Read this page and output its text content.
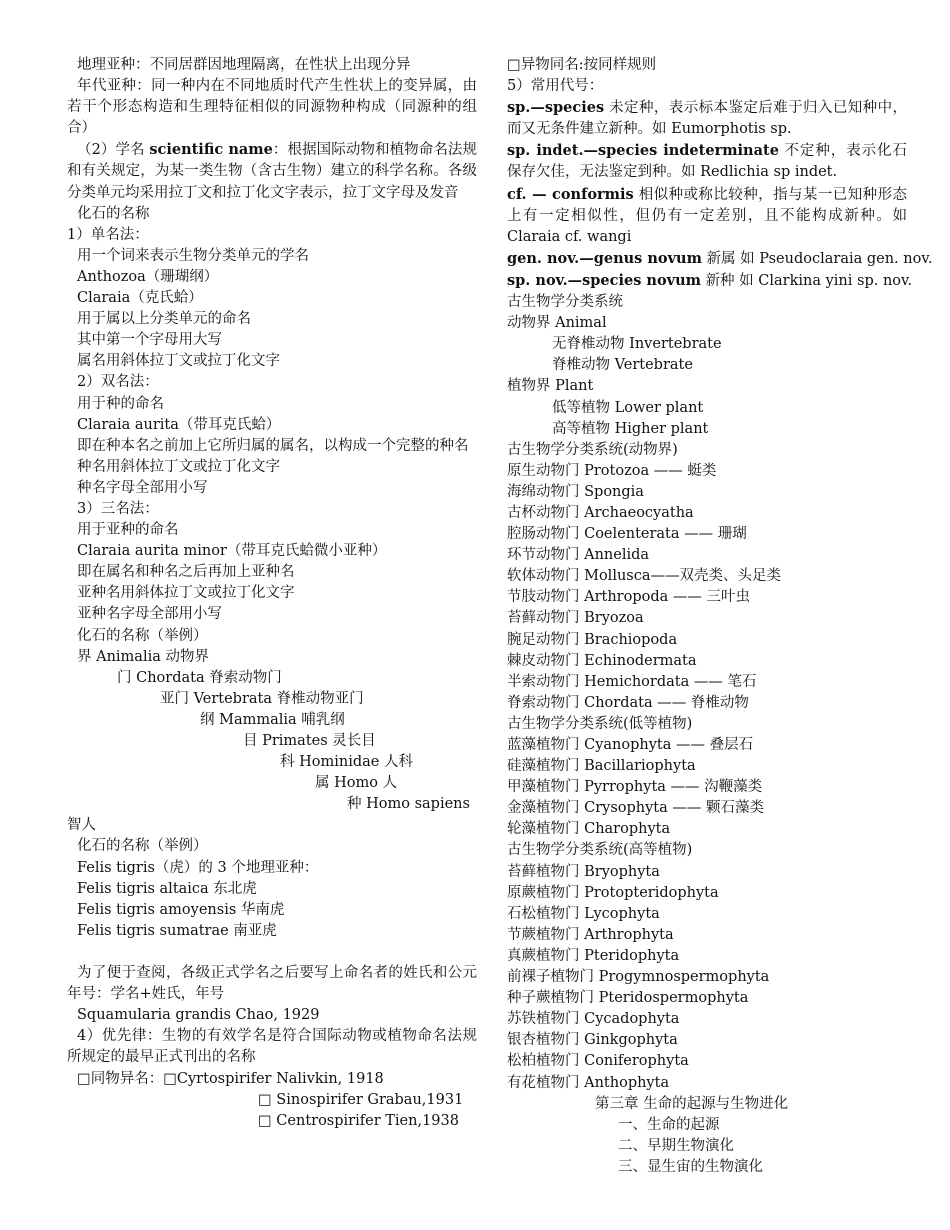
地理亚种：不同居群因地理隔离，在性状上出现分异
年代亚种：同一种内在不同地质时代产生性状上的变异属，由若干个形态构造和生理特征相似的同源物种构成（同源种的组合）
（2）学名 scientific name：根据国际动物和植物命名法规和有关规定，为某一类生物（含古生物）建立的科学名称。各级分类单元均采用拉丁文和拉丁化文字表示，拉丁文字母及发音
化石的名称
1）单名法：
用一个词来表示生物分类单元的学名
Anthozoa（珊瑚纲）
Claraia（克氏蛤）
用于属以上分类单元的命名
其中第一个字母用大写
属名用斜体拉丁文或拉丁化文字
2）双名法：
用于种的命名
Claraia aurita（带耳克氏蛤）
即在种本名之前加上它所归属的属名，以构成一个完整的种名
种名用斜体拉丁文或拉丁化文字
种名字母全部用小写
3）三名法：
用于亚种的命名
Claraia aurita minor（带耳克氏蛤微小亚种）
即在属名和种名之后再加上亚种名
亚种名用斜体拉丁文或拉丁化文字
亚种名字母全部用小写
化石的名称（举例）
界 Animalia 动物界
门 Chordata 脊索动物门
亚门 Vertebrata 脊椎动物亚门
纲 Mammalia 哺乳纲
目 Primates 灵长目
科 Hominidae 人科
属 Homo 人
种 Homo sapiens
智人
化石的名称（举例）
Felis tigris（虎）的 3 个地理亚种：
Felis tigris altaica 东北虎
Felis tigris amoyensis 华南虎
Felis tigris sumatrae 南亚虎
为了便于查阅，各级正式学名之后要写上命名者的姓氏和公元年号：学名+姓氏，年号
Squamularia grandis Chao, 1929
4）优先律：生物的有效学名是符合国际动物或植物命名法规所规定的最早正式刊出的名称
□同物异名：□Cyrtospirifer Nalivkin, 1918
□ Sinospirifer Grabau,1931
□ Centrospirifer Tien,1938
□异物同名:按同样规则
5）常用代号：
sp.—species 未定种，表示标本鉴定后难于归入已知种中，而又无条件建立新种。如 Eumorphotis sp.
sp. indet.—species indeterminate 不定种，表示化石保存欠佳，无法鉴定到种。如 Redlichia sp indet.
cf. — conformis 相似种或称比较种，指与某一已知种形态上有一定相似性，但仍有一定差别，且不能构成新种。如 Claraia cf. wangi
gen. nov.—genus novum 新属 如 Pseudoclaraia gen. nov.
sp. nov.—species novum 新种 如 Clarkina yini sp. nov.
古生物学分类系统
动物界 Animal
无脊椎动物 Invertebrate
脊椎动物 Vertebrate
植物界 Plant
低等植物 Lower plant
高等植物 Higher plant
古生物学分类系统(动物界)
原生动物门 Protozoa —— 蜓类
海绵动物门 Spongia
古杯动物门 Archaeocyatha
腔肠动物门 Coelenterata —— 珊瑚
环节动物门 Annelida
软体动物门 Mollusca——双壳类、头足类
节肢动物门 Arthropoda —— 三叶虫
苔藓动物门 Bryozoa
腕足动物门 Brachiopoda
棘皮动物门 Echinodermata
半索动物门 Hemichordata —— 笔石
脊索动物门 Chordata —— 脊椎动物
古生物学分类系统(低等植物)
蓝藻植物门 Cyanophyta —— 叠层石
硅藻植物门 Bacillariophyta
甲藻植物门 Pyrrophyta —— 沟鞭藻类
金藻植物门 Crysophyta —— 颗石藻类
轮藻植物门 Charophyta
古生物学分类系统(高等植物)
苔藓植物门 Bryophyta
原蕨植物门 Protopteridophyta
石松植物门 Lycophyta
节蕨植物门 Arthrophyta
真蕨植物门 Pteridophyta
前裸子植物门 Progymnospermophyta
种子蕨植物门 Pteridospermophyta
苏铁植物门 Cycadophyta
银杏植物门 Ginkgophyta
松柏植物门 Coniferophyta
有花植物门 Anthophyta
第三章 生命的起源与生物进化
一、生命的起源
二、早期生物演化
三、显生宙的生物演化
